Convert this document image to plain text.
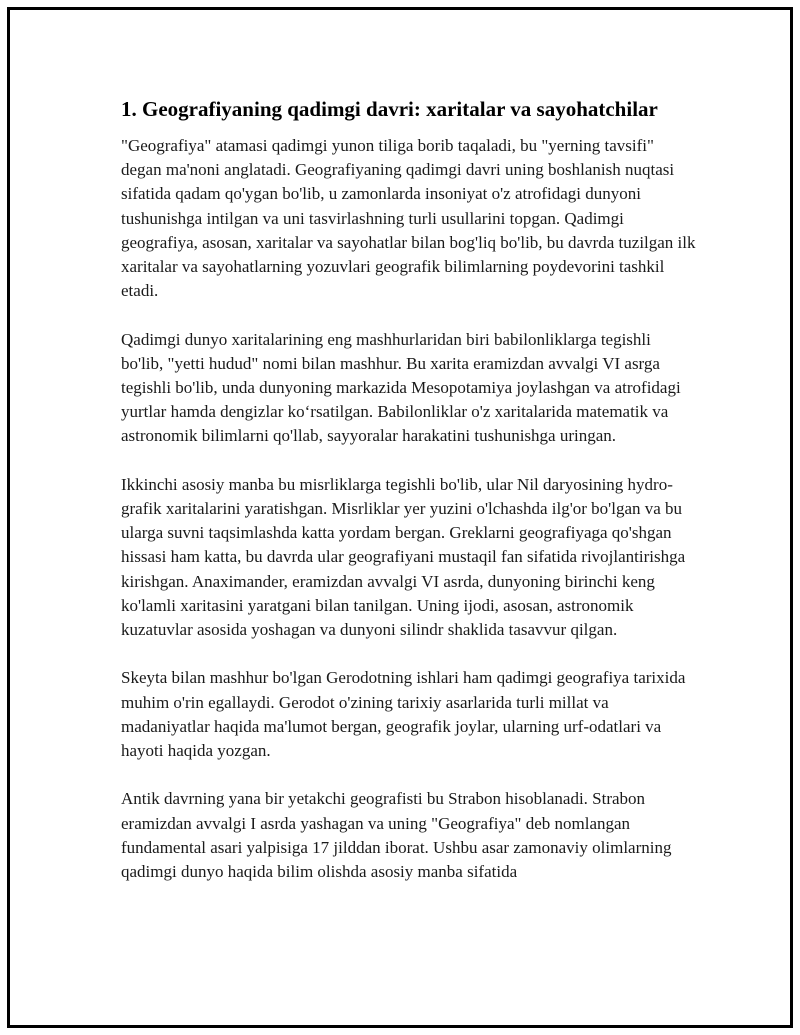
1. Geografiyaning qadimgi davri: xaritalar va sayohatchilar

"Geografiya" atamasi qadimgi yunon tiliga borib taqaladi, bu "yerning tavsifi" degan ma'noni anglatadi. Geografiyaning qadimgi davri uning boshlanish nuqtasi sifatida qadam qo'ygan bo'lib, u zamonlarda insoniyat o'z atrofidagi dunyoni tushunishga intilgan va uni tasvirlashning turli usullarini topgan. Qadimgi geografiya, asosan, xaritalar va sayohatlar bilan bog'liq bo'lib, bu davrda tuzilgan ilk xaritalar va sayohatlarning yozuvlari geografik bilimlarning poydevorini tashkil etadi.

Qadimgi dunyo xaritalarining eng mashhurlaridan biri babilonliklarga tegishli bo'lib, "yetti hudud" nomi bilan mashhur. Bu xarita eramizdan avvalgi VI asrga tegishli bo'lib, unda dunyoning markazida Mesopotamiya joylashgan va atrofidagi yurtlar hamda dengizlar ko‘rsatilgan. Babilonliklar o'z xaritalarida matematik va astronomik bilimlarni qo'llab, sayyoralar harakatini tushunishga uringan.

Ikkinchi asosiy manba bu misrliklarga tegishli bo'lib, ular Nil daryosining hydro-grafik xaritalarini yaratishgan. Misrliklar yer yuzini o'lchashda ilg'or bo'lgan va bu ularga suvni taqsimlashda katta yordam bergan. Greklarni geografiyaga qo'shgan hissasi ham katta, bu davrda ular geografiyani mustaqil fan sifatida rivojlantirishga kirishgan. Anaximander, eramizdan avvalgi VI asrda, dunyoning birinchi keng ko'lamli xaritasini yaratgani bilan tanilgan. Uning ijodi, asosan, astronomik kuzatuvlar asosida yoshagan va dunyoni silindr shaklida tasavvur qilgan.

Skeyta bilan mashhur bo'lgan Gerodotning ishlari ham qadimgi geografiya tarixida muhim o'rin egallaydi. Gerodot o'zining tarixiy asarlarida turli millat va madaniyatlar haqida ma'lumot bergan, geografik joylar, ularning urf-odatlari va hayoti haqida yozgan.

Antik davrning yana bir yetakchi geografisti bu Strabon hisoblanadi. Strabon eramizdan avvalgi I asrda yashagan va uning "Geografiya" deb nomlangan fundamental asari yalpisiga 17 jilddan iborat. Ushbu asar zamonaviy olimlarning qadimgi dunyo haqida bilim olishda asosiy manba sifatida
